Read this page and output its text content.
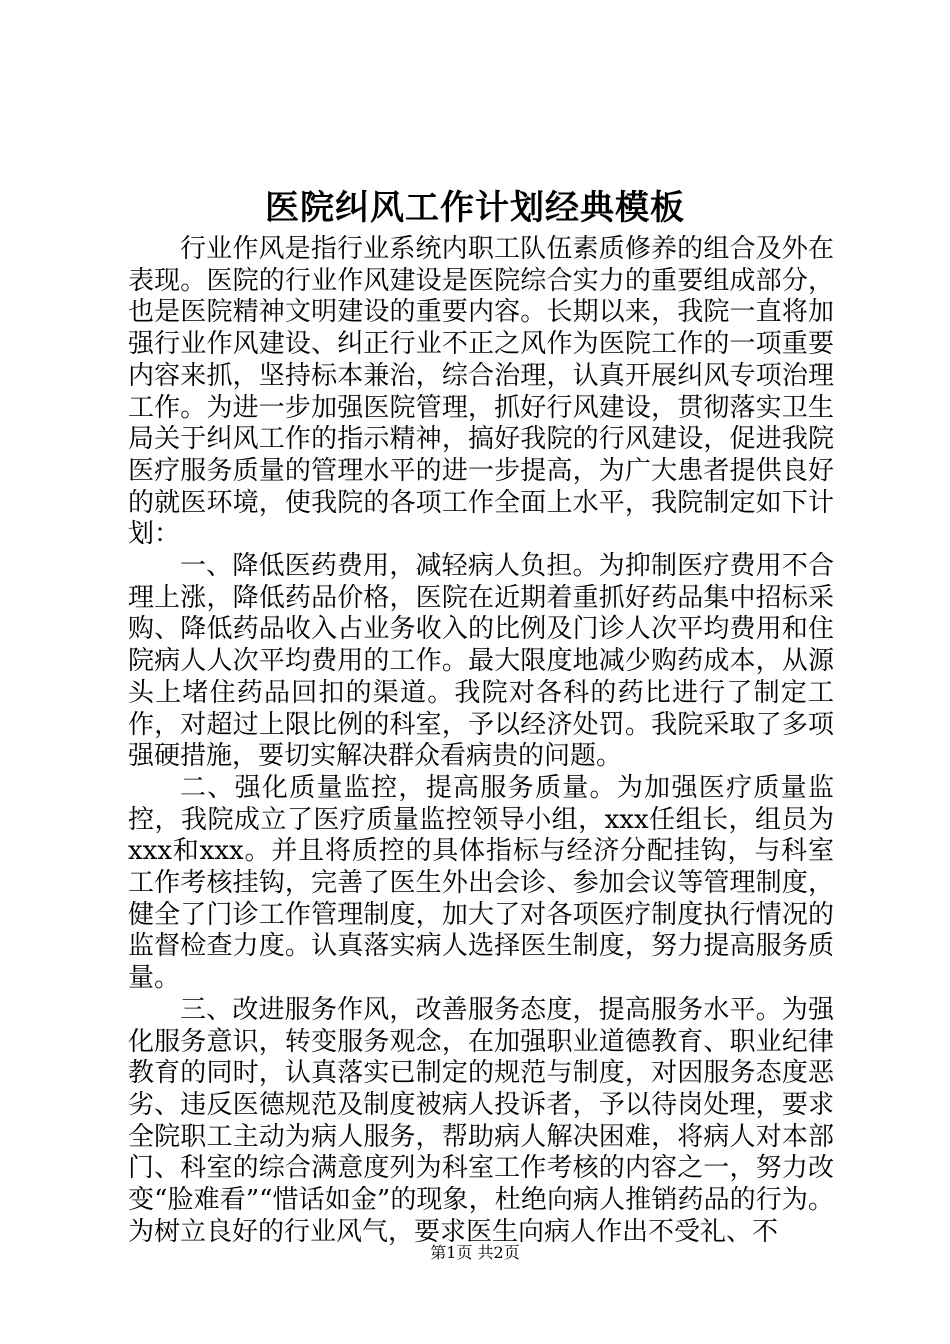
医院纠风工作计划经典模板

行业作风是指行业系统内职工队伍素质修养的组合及外在表现。医院的行业作风建设是医院综合实力的重要组成部分，也是医院精神文明建设的重要内容。长期以来，我院一直将加强行业作风建设、纠正行业不正之风作为医院工作的一项重要内容来抓，坚持标本兼治，综合治理，认真开展纠风专项治理工作。为进一步加强医院管理，抓好行风建设，贯彻落实卫生局关于纠风工作的指示精神，搞好我院的行风建设，促进我院医疗服务质量的管理水平的进一步提高，为广大患者提供良好的就医环境，使我院的各项工作全面上水平，我院制定如下计划：

一、降低医药费用，减轻病人负担。为抑制医疗费用不合理上涨，降低药品价格，医院在近期着重抓好药品集中招标采购、降低药品收入占业务收入的比例及门诊人次平均费用和住院病人人次平均费用的工作。最大限度地减少购药成本，从源头上堵住药品回扣的渠道。我院对各科的药比进行了制定工作，对超过上限比例的科室，予以经济处罚。我院采取了多项强硬措施，要切实解决群众看病贵的问题。

二、强化质量监控，提高服务质量。为加强医疗质量监控，我院成立了医疗质量监控领导小组，xxx任组长，组员为xxx和xxx。并且将质控的具体指标与经济分配挂钩，与科室工作考核挂钩，完善了医生外出会诊、参加会议等管理制度，健全了门诊工作管理制度，加大了对各项医疗制度执行情况的监督检查力度。认真落实病人选择医生制度，努力提高服务质量。

三、改进服务作风，改善服务态度，提高服务水平。为强化服务意识，转变服务观念，在加强职业道德教育、职业纪律教育的同时，认真落实已制定的规范与制度，对因服务态度恶劣、违反医德规范及制度被病人投诉者，予以待岗处理，要求全院职工主动为病人服务，帮助病人解决困难，将病人对本部门、科室的综合满意度列为科室工作考核的内容之一，努力改变“脸难看”“惜话如金”的现象，杜绝向病人推销药品的行为。为树立良好的行业风气，要求医生向病人作出不受礼、不

第1页 共2页
